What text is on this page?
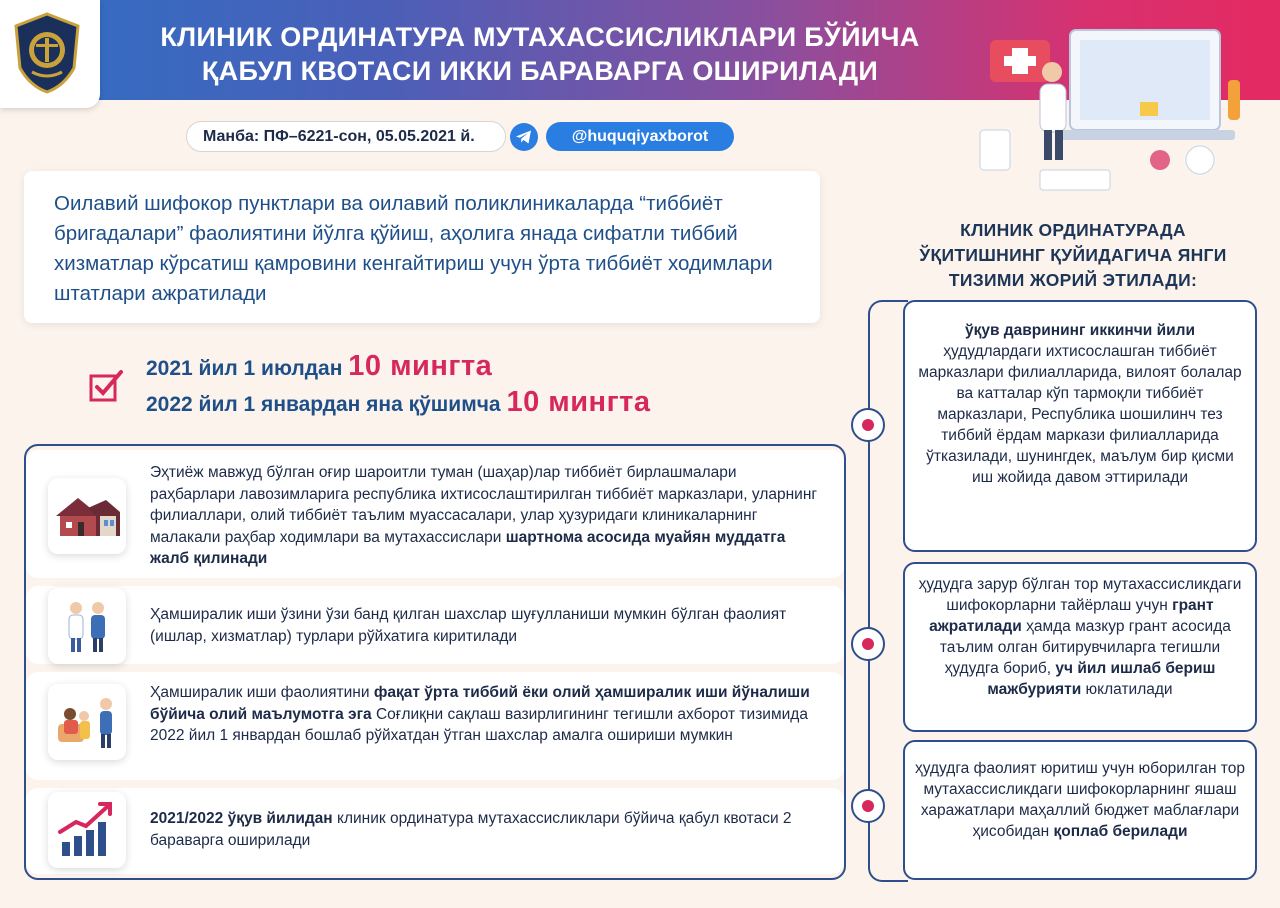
КЛИНИК ОРДИНАТУРА МУТАХАССИСЛИКЛАРИ БЎЙИЧА
ҚАБУЛ КВОТАСИ ИККИ БАРАВАРГА ОШИРИЛАДИ
Манба: ПФ–6221-сон, 05.05.2021 й.	@huquqiyaxborot
Оилавий шифокор пунктлари ва оилавий поликлиникаларда “тиббиёт бригадалари” фаолиятини йўлга қўйиш, аҳолига янада сифатли тиббий хизматлар кўрсатиш қамровини кенгайтириш учун ўрта тиббиёт ходимлари штатлари ажратилади
2021 йил 1 июлдан 10 мингта
2022 йил 1 январдан яна қўшимча 10 мингта
Эҳтиёж мавжуд бўлган оғир шароитли туман (шаҳар)лар тиббиёт бирлашмалари раҳбарлари лавозимларига республика ихтисослаштирилган тиббиёт марказлари, уларнинг филиаллари, олий тиббиёт таълим муассасалари, улар ҳузуридаги клиникаларнинг малакали раҳбар ходимлари ва мутахассислари шартнома асосида муайян муддатга жалб қилинади
Ҳамширалик иши ўзини ўзи банд қилган шахслар шуғулланиши мумкин бўлган фаолият (ишлар, хизматлар) турлари рўйхатига киритилади
Ҳамширалик иши фаолиятини фақат ўрта тиббий ёки олий ҳамширалик иши йўналиши бўйича олий маълумотга эга Соғлиқни сақлаш вазирлигининг тегишли ахборот тизимида 2022 йил 1 январдан бошлаб рўйхатдан ўтган шахслар амалга ошириши мумкин
2021/2022 ўқув йилидан клиник ординатура мутахассисликлари бўйича қабул квотаси 2 бараварга оширилади
КЛИНИК ОРДИНАТУРАДА ЎҚИТИШНИНГ ҚУЙИДАГИЧА ЯНГИ ТИЗИМИ ЖОРИЙ ЭТИЛАДИ:
ўқув даврининг иккинчи йили ҳудудлардаги ихтисослашган тиббиёт марказлари филиалларида, вилоят болалар ва катталар кўп тармоқли тиббиёт марказлари, Республика шошилинч тез тиббий ёрдам маркази филиалларида ўтказилади, шунингдек, маълум бир қисми иш жойида давом эттирилади
ҳудудга зарур бўлган тор мутахассисликдаги шифокорларни тайёрлаш учун грант ажратилади ҳамда мазкур грант асосида таълим олган битирувчиларга тегишли ҳудудга бориб, уч йил ишлаб бериш мажбурияти юклатилади
ҳудудга фаолият юритиш учун юборилган тор мутахассисликдаги шифокорларнинг яшаш харажатлари маҳаллий бюджет маблағлари ҳисобидан қоплаб берилади
